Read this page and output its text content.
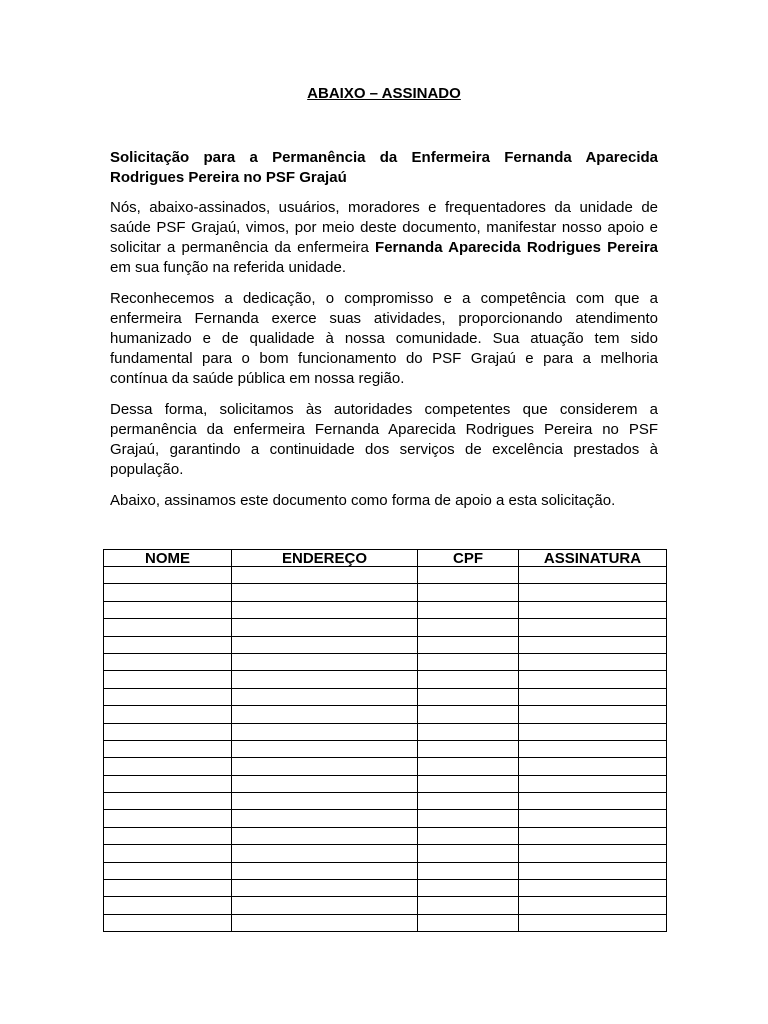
ABAIXO – ASSINADO

Solicitação para a Permanência da Enfermeira Fernanda Aparecida Rodrigues Pereira no PSF Grajaú

Nós, abaixo-assinados, usuários, moradores e frequentadores da unidade de saúde PSF Grajaú, vimos, por meio deste documento, manifestar nosso apoio e solicitar a permanência da enfermeira Fernanda Aparecida Rodrigues Pereira em sua função na referida unidade.

Reconhecemos a dedicação, o compromisso e a competência com que a enfermeira Fernanda exerce suas atividades, proporcionando atendimento humanizado e de qualidade à nossa comunidade. Sua atuação tem sido fundamental para o bom funcionamento do PSF Grajaú e para a melhoria contínua da saúde pública em nossa região.

Dessa forma, solicitamos às autoridades competentes que considerem a permanência da enfermeira Fernanda Aparecida Rodrigues Pereira no PSF Grajaú, garantindo a continuidade dos serviços de excelência prestados à população.

Abaixo, assinamos este documento como forma de apoio a esta solicitação.

NOME	ENDEREÇO	CPF	ASSINATURA
